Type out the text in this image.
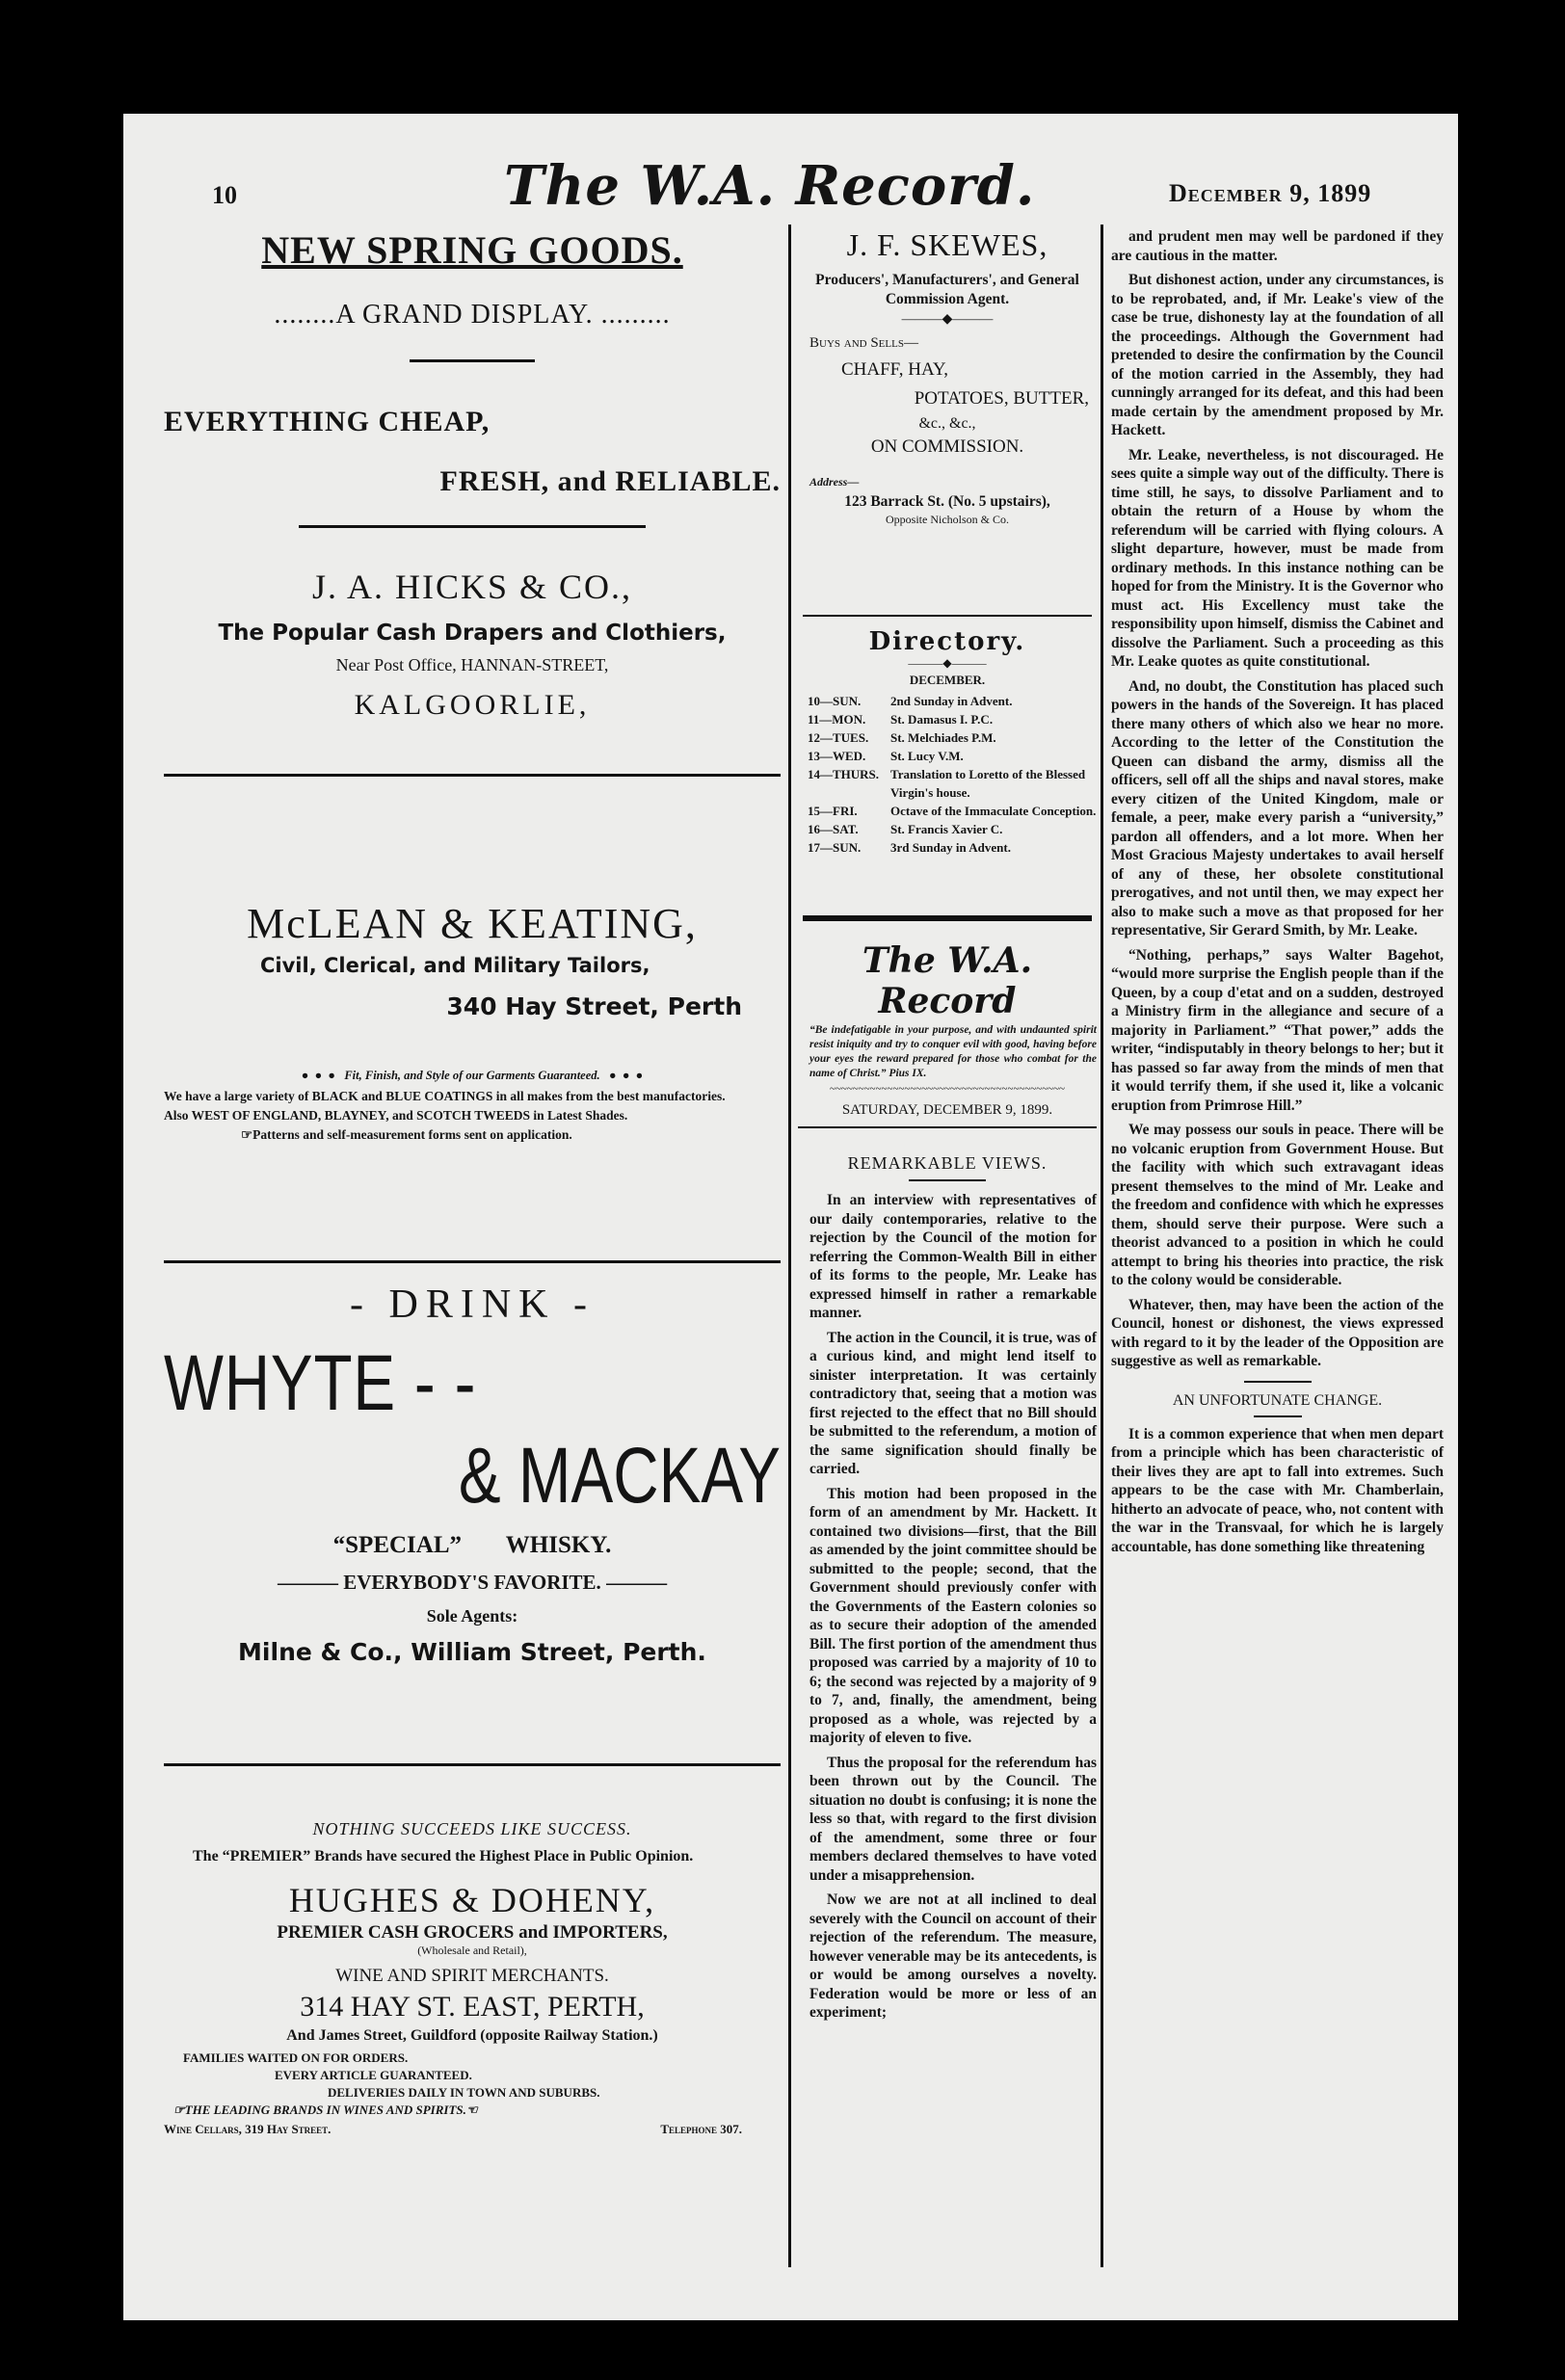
10	The W.A. Record.	December 9, 1899
NEW SPRING GOODS.
........A GRAND DISPLAY. .........
EVERYTHING CHEAP,
FRESH, and RELIABLE.
J. A. HICKS & CO.,
The Popular Cash Drapers and Clothiers,
Near Post Office, HANNAN-STREET,
KALGOORLIE,
McLEAN & KEATING,
Civil, Clerical, and Military Tailors,
340 Hay Street, Perth
●  ●  ●   Fit, Finish, and Style of our Garments Guaranteed.   ●  ●  ●
We have a large variety of BLACK and BLUE COATINGS in all makes from the best manufactories.
Also WEST OF ENGLAND, BLAYNEY, and SCOTCH TWEEDS in Latest Shades.
☞Patterns and self-measurement forms sent on application.
- DRINK -
WHYTE - -
& MACKAY
“SPECIAL” WHISKY.
——— EVERYBODY'S FAVORITE. ———
Sole Agents:
Milne & Co., William Street, Perth.
NOTHING SUCCEEDS LIKE SUCCESS.
The “PREMIER” Brands have secured the Highest Place in Public Opinion.
HUGHES & DOHENY,
PREMIER CASH GROCERS and IMPORTERS,
(Wholesale and Retail),
WINE AND SPIRIT MERCHANTS.
314 HAY ST. EAST, PERTH,
And James Street, Guildford (opposite Railway Station.)
FAMILIES WAITED ON FOR ORDERS.
EVERY ARTICLE GUARANTEED.
DELIVERIES DAILY IN TOWN AND SUBURBS.
☞THE LEADING BRANDS IN WINES AND SPIRITS.☜
Wine Cellars, 319 Hay Street.	Telephone 307.
J. F. SKEWES,
Producers', Manufacturers', and General Commission Agent.
———◆———
Buys and Sells—
CHAFF, HAY,
POTATOES, BUTTER,
&c., &c.,
ON COMMISSION.
Address—
123 Barrack St. (No. 5 upstairs),
Opposite Nicholson & Co.
Directory.
———◆———
DECEMBER.
10—SUN.	2nd Sunday in Advent.
11—MON.	St. Damasus I. P.C.
12—TUES.	St. Melchiades P.M.
13—WED.	St. Lucy V.M.
14—THURS. Translation to Loretto of the Blessed Virgin's house.
15—FRI.	Octave of the Immaculate Conception.
16—SAT.	St. Francis Xavier C.
17—SUN.	3rd Sunday in Advent.
The W.A. Record
“Be indefatigable in your purpose, and with undaunted spirit resist iniquity and try to conquer evil with good, having before your eyes the reward prepared for those who combat for the name of Christ.” Pius IX.
~~~~~~~~~~~~~~~~~~~~~~~~~~~~~~~~~~~~~~~~~
SATURDAY, DECEMBER 9, 1899.
REMARKABLE VIEWS.

In an interview with representatives of our daily contemporaries, relative to the rejection by the Council of the motion for referring the Common-Wealth Bill in either of its forms to the people, Mr. Leake has expressed himself in rather a remarkable manner.

The action in the Council, it is true, was of a curious kind, and might lend itself to sinister interpretation. It was certainly contradictory that, seeing that a motion was first rejected to the effect that no Bill should be submitted to the referendum, a motion of the same signification should finally be carried.

This motion had been proposed in the form of an amendment by Mr. Hackett. It contained two divisions—first, that the Bill as amended by the joint committee should be submitted to the people; second, that the Government should previously confer with the Governments of the Eastern colonies so as to secure their adoption of the amended Bill. The first portion of the amendment thus proposed was carried by a majority of 10 to 6; the second was rejected by a majority of 9 to 7, and, finally, the amendment, being proposed as a whole, was rejected by a majority of eleven to five.

Thus the proposal for the referendum has been thrown out by the Council. The situation no doubt is confusing; it is none the less so that, with regard to the first division of the amendment, some three or four members declared themselves to have voted under a misapprehension.

Now we are not at all inclined to deal severely with the Council on account of their rejection of the referendum. The measure, however venerable may be its antecedents, is or would be among ourselves a novelty. Federation would be more or less of an experiment;

and prudent men may well be pardoned if they are cautious in the matter.

But dishonest action, under any circumstances, is to be reprobated, and, if Mr. Leake's view of the case be true, dishonesty lay at the foundation of all the proceedings. Although the Government had pretended to desire the confirmation by the Council of the motion carried in the Assembly, they had cunningly arranged for its defeat, and this had been made certain by the amendment proposed by Mr. Hackett.

Mr. Leake, nevertheless, is not discouraged. He sees quite a simple way out of the difficulty. There is time still, he says, to dissolve Parliament and to obtain the return of a House by whom the referendum will be carried with flying colours. A slight departure, however, must be made from ordinary methods. In this instance nothing can be hoped for from the Ministry. It is the Governor who must act. His Excellency must take the responsibility upon himself, dismiss the Cabinet and dissolve the Parliament. Such a proceeding as this Mr. Leake quotes as quite constitutional.

And, no doubt, the Constitution has placed such powers in the hands of the Sovereign. It has placed there many others of which also we hear no more. According to the letter of the Constitution the Queen can disband the army, dismiss all the officers, sell off all the ships and naval stores, make every citizen of the United Kingdom, male or female, a peer, make every parish a “university,” pardon all offenders, and a lot more. When her Most Gracious Majesty undertakes to avail herself of any of these, her obsolete constitutional prerogatives, and not until then, we may expect her also to make such a move as that proposed for her representative, Sir Gerard Smith, by Mr. Leake.

“Nothing, perhaps,” says Walter Bagehot, “would more surprise the English people than if the Queen, by a coup d'etat and on a sudden, destroyed a Ministry firm in the allegiance and secure of a majority in Parliament.” “That power,” adds the writer, “indisputably in theory belongs to her; but it has passed so far away from the minds of men that it would terrify them, if she used it, like a volcanic eruption from Primrose Hill.”

We may possess our souls in peace. There will be no volcanic eruption from Government House. But the facility with which such extravagant ideas present themselves to the mind of Mr. Leake and the freedom and confidence with which he expresses them, should serve their purpose. Were such a theorist advanced to a position in which he could attempt to bring his theories into practice, the risk to the colony would be considerable.

Whatever, then, may have been the action of the Council, honest or dishonest, the views expressed with regard to it by the leader of the Opposition are suggestive as well as remarkable.

AN UNFORTUNATE CHANGE.

It is a common experience that when men depart from a principle which has been characteristic of their lives they are apt to fall into extremes. Such appears to be the case with Mr. Chamberlain, hitherto an advocate of peace, who, not content with the war in the Transvaal, for which he is largely accountable, has done something like threatening
